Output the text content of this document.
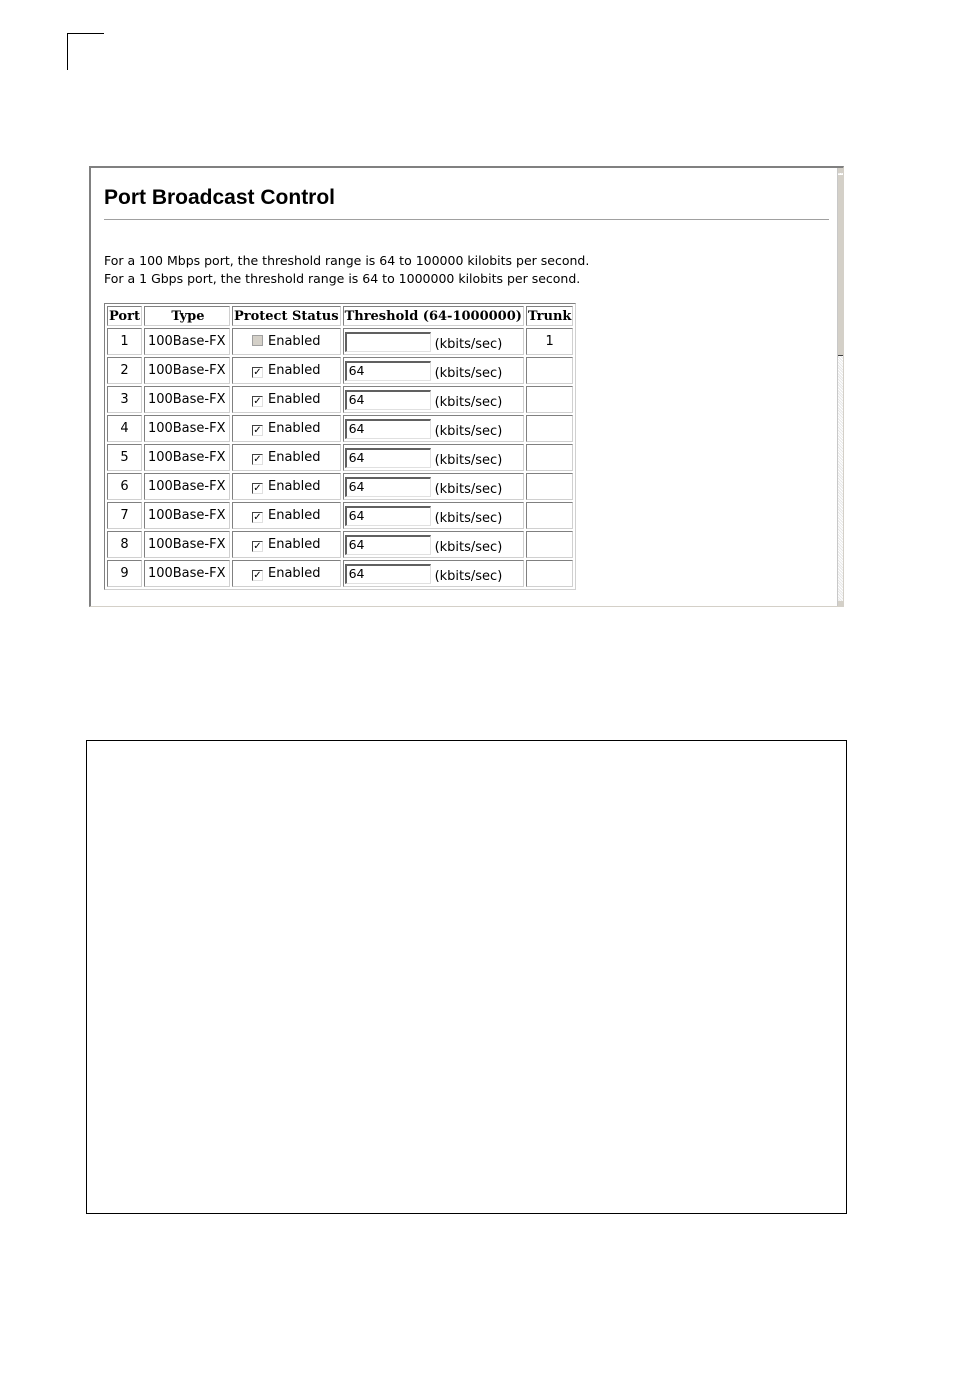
Port Broadcast Control
For a 100 Mbps port, the threshold range is 64 to 100000 kilobits per second.
For a 1 Gbps port, the threshold range is 64 to 1000000 kilobits per second.
Port	Type	Protect Status	Threshold (64-1000000)	Trunk
1	100Base-FX	Enabled	(kbits/sec)	1
2	100Base-FX	✓ Enabled	64 (kbits/sec)	
3	100Base-FX	✓ Enabled	64 (kbits/sec)	
4	100Base-FX	✓ Enabled	64 (kbits/sec)	
5	100Base-FX	✓ Enabled	64 (kbits/sec)	
6	100Base-FX	✓ Enabled	64 (kbits/sec)	
7	100Base-FX	✓ Enabled	64 (kbits/sec)	
8	100Base-FX	✓ Enabled	64 (kbits/sec)	
9	100Base-FX	✓ Enabled	64 (kbits/sec)	
